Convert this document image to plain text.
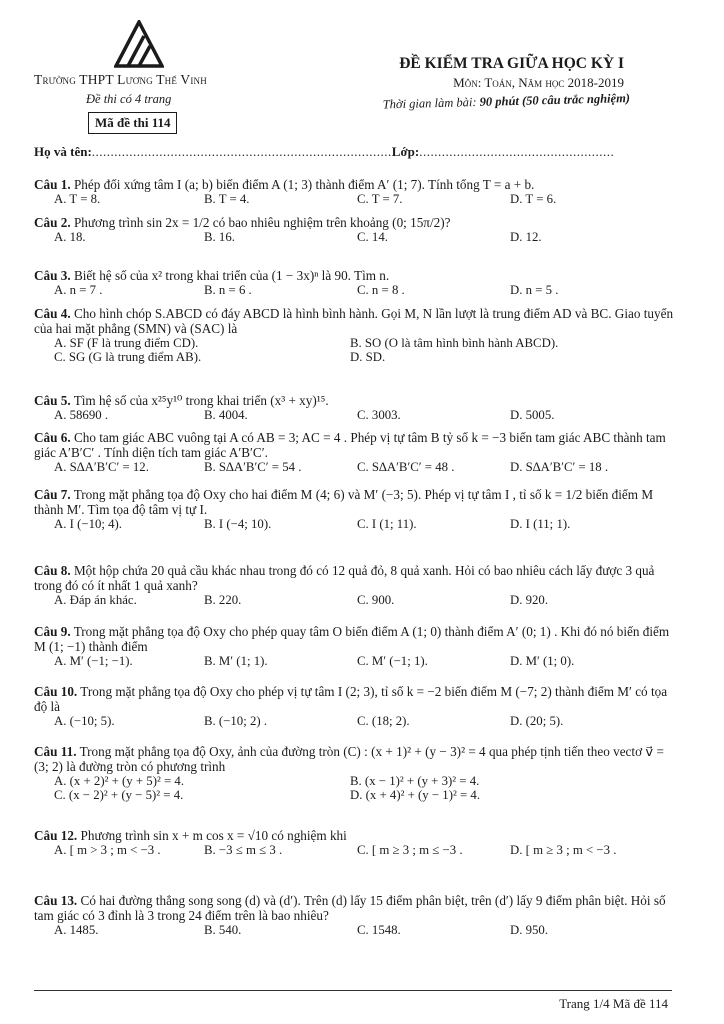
Trường THPT Lương Thế Vinh
Đề thi có 4 trang
Mã đề thi 114
ĐỀ KIỂM TRA GIỮA HỌC KỲ I
Môn: Toán, Năm học 2018-2019
Thời gian làm bài: 90 phút (50 câu trắc nghiệm)
Họ và tên:................................................................................Lớp:....................................................
Câu 1. Phép đối xứng tâm I (a; b) biến điểm A (1; 3) thành điểm A′ (1; 7). Tính tổng T = a + b.
A. T = 8.	B. T = 4.	C. T = 7.	D. T = 6.
Câu 2. Phương trình sin 2x = 1/2 có bao nhiêu nghiệm trên khoảng (0; 15π/2)?
A. 18.	B. 16.	C. 14.	D. 12.
Câu 3. Biết hệ số của x² trong khai triển của (1 − 3x)ⁿ là 90. Tìm n.
A. n = 7 .	B. n = 6 .	C. n = 8 .	D. n = 5 .
Câu 4. Cho hình chóp S.ABCD có đáy ABCD là hình bình hành. Gọi M, N lần lượt là trung điểm AD và BC. Giao tuyến của hai mặt phẳng (SMN) và (SAC) là
A. SF (F là trung điểm CD).	B. SO (O là tâm hình bình hành ABCD).
C. SG (G là trung điểm AB).	D. SD.
Câu 5. Tìm hệ số của x²⁵y¹⁰ trong khai triển (x³ + xy)¹⁵.
A. 58690 .	B. 4004.	C. 3003.	D. 5005.
Câu 6. Cho tam giác ABC vuông tại A có AB = 3; AC = 4 . Phép vị tự tâm B tỷ số k = −3 biến tam giác ABC thành tam giác A′B′C′ . Tính diện tích tam giác A′B′C′.
A. S∆A′B′C′ = 12.	B. S∆A′B′C′ = 54 .	C. S∆A′B′C′ = 48 .	D. S∆A′B′C′ = 18 .
Câu 7. Trong mặt phẳng tọa độ Oxy cho hai điểm M (4; 6) và M′ (−3; 5). Phép vị tự tâm I , tỉ số k = 1/2 biến điểm M thành M′. Tìm tọa độ tâm vị tự I.
A. I (−10; 4).	B. I (−4; 10).	C. I (1; 11).	D. I (11; 1).
Câu 8. Một hộp chứa 20 quả cầu khác nhau trong đó có 12 quả đỏ, 8 quả xanh. Hỏi có bao nhiêu cách lấy được 3 quả trong đó có ít nhất 1 quả xanh?
A. Đáp án khác.	B. 220.	C. 900.	D. 920.
Câu 9. Trong mặt phẳng tọa độ Oxy cho phép quay tâm O biến điểm A (1; 0) thành điểm A′ (0; 1) . Khi đó nó biến điểm M (1; −1) thành điểm
A. M′ (−1; −1).	B. M′ (1; 1).	C. M′ (−1; 1).	D. M′ (1; 0).
Câu 10. Trong mặt phẳng tọa độ Oxy cho phép vị tự tâm I (2; 3), tỉ số k = −2 biến điểm M (−7; 2) thành điểm M′ có tọa độ là
A. (−10; 5).	B. (−10; 2) .	C. (18; 2).	D. (20; 5).
Câu 11. Trong mặt phẳng tọa độ Oxy, ảnh của đường tròn (C) : (x + 1)² + (y − 3)² = 4 qua phép tịnh tiến theo vectơ v⃗ = (3; 2) là đường tròn có phương trình
A. (x + 2)² + (y + 5)² = 4.	B. (x − 1)² + (y + 3)² = 4.
C. (x − 2)² + (y − 5)² = 4.	D. (x + 4)² + (y − 1)² = 4.
Câu 12. Phương trình sin x + m cos x = √10 có nghiệm khi
A. [ m > 3 ; m < −3 .	B. −3 ≤ m ≤ 3 .	C. [ m ≥ 3 ; m ≤ −3 .	D. [ m ≥ 3 ; m < −3 .
Câu 13. Có hai đường thẳng song song (d) và (d′). Trên (d) lấy 15 điểm phân biệt, trên (d′) lấy 9 điểm phân biệt. Hỏi số tam giác có 3 đỉnh là 3 trong 24 điểm trên là bao nhiêu?
A. 1485.	B. 540.	C. 1548.	D. 950.
Trang 1/4 Mã đề 114
